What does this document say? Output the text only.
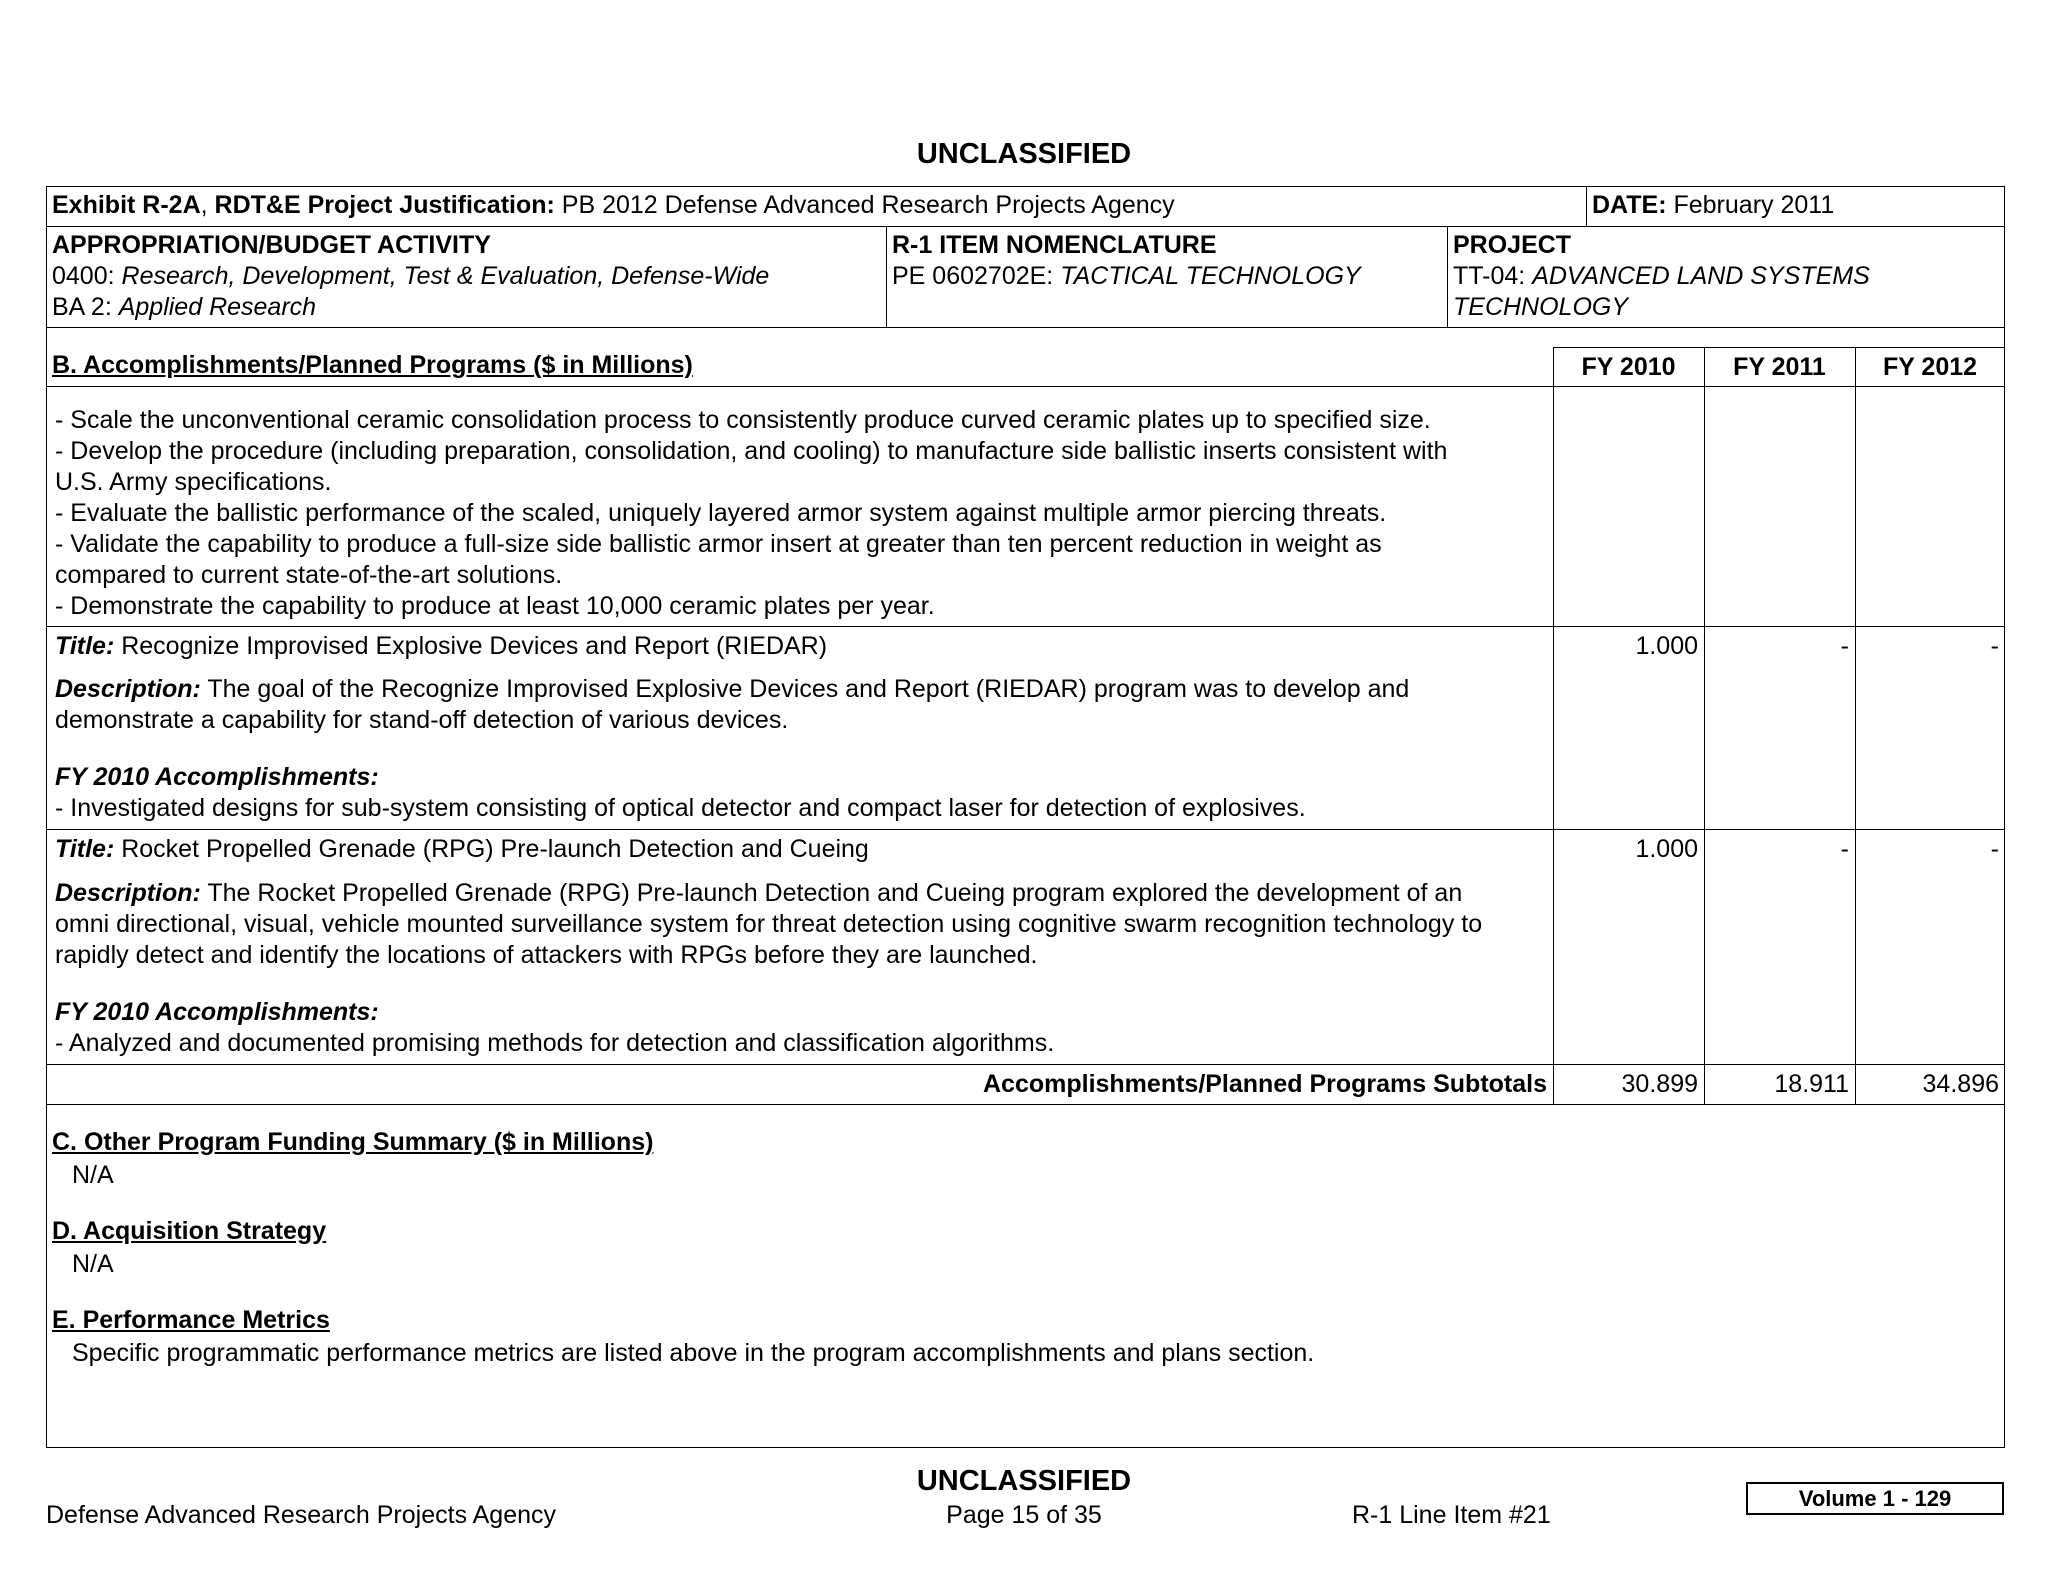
UNCLASSIFIED
Exhibit R-2A, RDT&E Project Justification: PB 2012 Defense Advanced Research Projects Agency	DATE: February 2011
APPROPRIATION/BUDGET ACTIVITY
0400: Research, Development, Test & Evaluation, Defense-Wide
BA 2: Applied Research
R-1 ITEM NOMENCLATURE
PE 0602702E: TACTICAL TECHNOLOGY
PROJECT
TT-04: ADVANCED LAND SYSTEMS
TECHNOLOGY
B. Accomplishments/Planned Programs ($ in Millions)	FY 2010	FY 2011	FY 2012
- Scale the unconventional ceramic consolidation process to consistently produce curved ceramic plates up to specified size.
- Develop the procedure (including preparation, consolidation, and cooling) to manufacture side ballistic inserts consistent with
U.S. Army specifications.
- Evaluate the ballistic performance of the scaled, uniquely layered armor system against multiple armor piercing threats.
- Validate the capability to produce a full-size side ballistic armor insert at greater than ten percent reduction in weight as
compared to current state-of-the-art solutions.
- Demonstrate the capability to produce at least 10,000 ceramic plates per year.
Title: Recognize Improvised Explosive Devices and Report (RIEDAR)	1.000	-	-
Description: The goal of the Recognize Improvised Explosive Devices and Report (RIEDAR) program was to develop and
demonstrate a capability for stand-off detection of various devices.
FY 2010 Accomplishments:
- Investigated designs for sub-system consisting of optical detector and compact laser for detection of explosives.
Title: Rocket Propelled Grenade (RPG) Pre-launch Detection and Cueing	1.000	-	-
Description: The Rocket Propelled Grenade (RPG) Pre-launch Detection and Cueing program explored the development of an
omni directional, visual, vehicle mounted surveillance system for threat detection using cognitive swarm recognition technology to
rapidly detect and identify the locations of attackers with RPGs before they are launched.
FY 2010 Accomplishments:
- Analyzed and documented promising methods for detection and classification algorithms.
Accomplishments/Planned Programs Subtotals	30.899	18.911	34.896
C. Other Program Funding Summary ($ in Millions)
N/A
D. Acquisition Strategy
N/A
E. Performance Metrics
Specific programmatic performance metrics are listed above in the program accomplishments and plans section.
UNCLASSIFIED
Defense Advanced Research Projects Agency	Page 15 of 35	R-1 Line Item #21
Volume 1 - 129
